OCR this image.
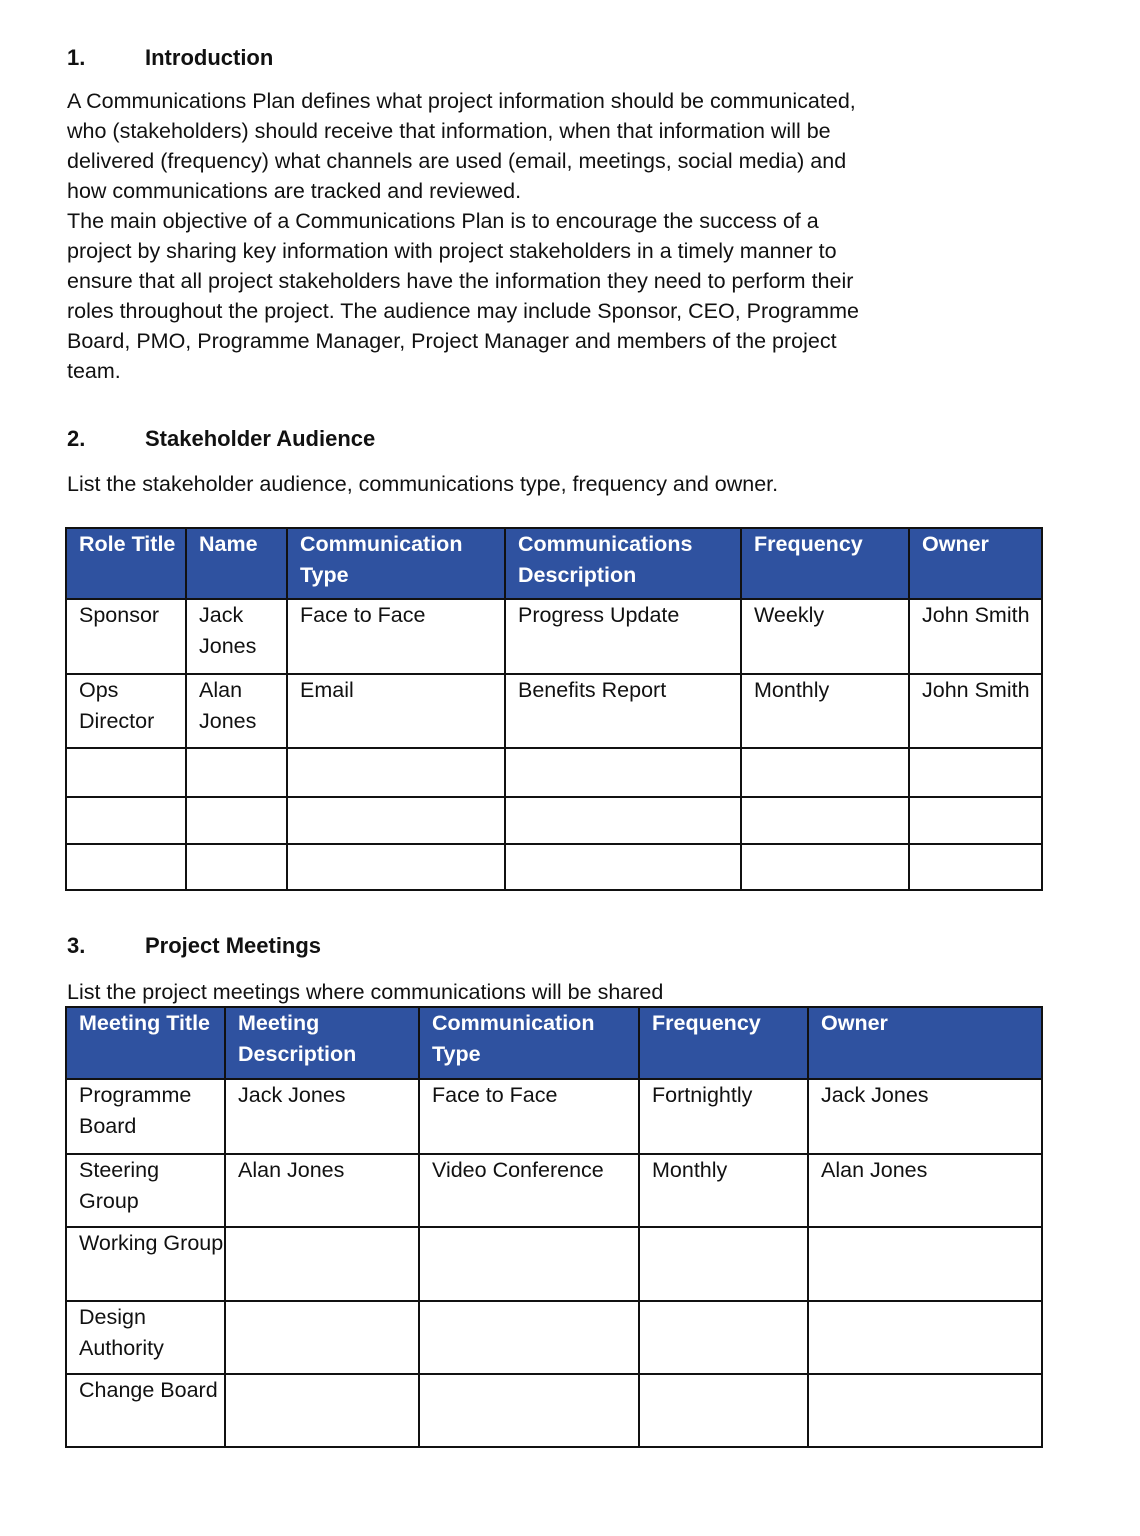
1.	Introduction
A Communications Plan defines what project information should be communicated,
who (stakeholders) should receive that information, when that information will be
delivered (frequency) what channels are used (email, meetings, social media) and
how communications are tracked and reviewed.
The main objective of a Communications Plan is to encourage the success of a
project by sharing key information with project stakeholders in a timely manner to
ensure that all project stakeholders have the information they need to perform their
roles throughout the project. The audience may include Sponsor, CEO, Programme
Board, PMO, Programme Manager, Project Manager and members of the project
team.
2.	Stakeholder Audience
List the stakeholder audience, communications type, frequency and owner.
Role Title	Name	Communication Type	Communications Description	Frequency	Owner
Sponsor	Jack Jones	Face to Face	Progress Update	Weekly	John Smith
Ops Director	Alan Jones	Email	Benefits Report	Monthly	John Smith

3.	Project Meetings
List the project meetings where communications will be shared
Meeting Title	Meeting Description	Communication Type	Frequency	Owner
Programme Board	Jack Jones	Face to Face	Fortnightly	Jack Jones
Steering Group	Alan Jones	Video Conference	Monthly	Alan Jones
Working Group				
Design Authority				
Change Board				
